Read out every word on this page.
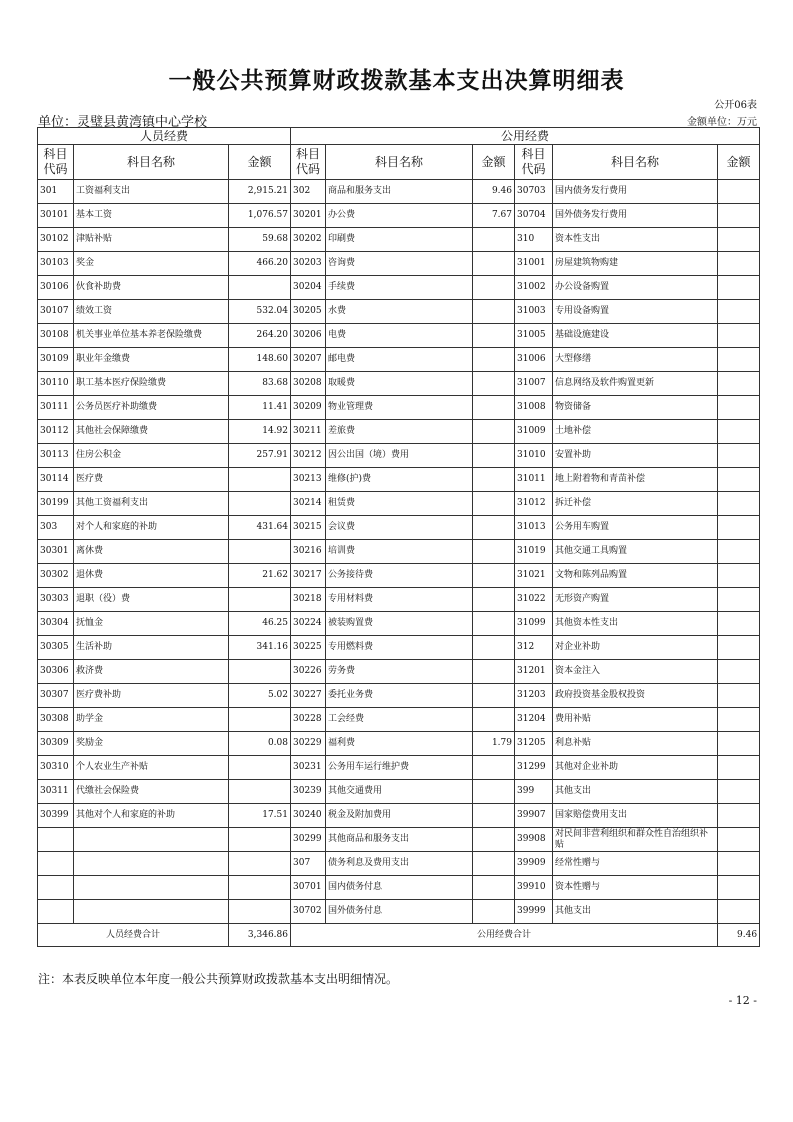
一般公共预算财政拨款基本支出决算明细表
公开06表
单位：灵璧县黄湾镇中心学校	金额单位：万元
人员经费			公用经费					
科目
代码	科目名称	金额	科目
代码	科目名称	金额	科目
代码	科目名称	金额
301	工资福利支出	2,915.21	302	商品和服务支出	9.46	30703	国内债务发行费用	
30101	基本工资	1,076.57	30201	办公费	7.67	30704	国外债务发行费用	
30102	津贴补贴	59.68	30202	印刷费		310	资本性支出	
30103	奖金	466.20	30203	咨询费		31001	房屋建筑物购建	
30106	伙食补助费		30204	手续费		31002	办公设备购置	
30107	绩效工资	532.04	30205	水费		31003	专用设备购置	
30108	机关事业单位基本养老保险缴费	264.20	30206	电费		31005	基础设施建设	
30109	职业年金缴费	148.60	30207	邮电费		31006	大型修缮	
30110	职工基本医疗保险缴费	83.68	30208	取暖费		31007	信息网络及软件购置更新	
30111	公务员医疗补助缴费	11.41	30209	物业管理费		31008	物资储备	
30112	其他社会保障缴费	14.92	30211	差旅费		31009	土地补偿	
30113	住房公积金	257.91	30212	因公出国（境）费用		31010	安置补助	
30114	医疗费		30213	维修(护)费		31011	地上附着物和青苗补偿	
30199	其他工资福利支出		30214	租赁费		31012	拆迁补偿	
303	对个人和家庭的补助	431.64	30215	会议费		31013	公务用车购置	
30301	离休费		30216	培训费		31019	其他交通工具购置	
30302	退休费	21.62	30217	公务接待费		31021	文物和陈列品购置	
30303	退职（役）费		30218	专用材料费		31022	无形资产购置	
30304	抚恤金	46.25	30224	被装购置费		31099	其他资本性支出	
30305	生活补助	341.16	30225	专用燃料费		312	对企业补助	
30306	救济费		30226	劳务费		31201	资本金注入	
30307	医疗费补助	5.02	30227	委托业务费		31203	政府投资基金股权投资	
30308	助学金		30228	工会经费		31204	费用补贴	
30309	奖励金	0.08	30229	福利费	1.79	31205	利息补贴	
30310	个人农业生产补贴		30231	公务用车运行维护费		31299	其他对企业补助	
30311	代缴社会保险费		30239	其他交通费用		399	其他支出	
30399	其他对个人和家庭的补助	17.51	30240	税金及附加费用		39907	国家赔偿费用支出	
			30299	其他商品和服务支出		39908	对民间非营利组织和群众性自治组织补贴	
			307	债务利息及费用支出		39909	经常性赠与	
			30701	国内债务付息		39910	资本性赠与	
			30702	国外债务付息		39999	其他支出	
人员经费合计		3,346.86	公用经费合计					9.46
注：本表反映单位本年度一般公共预算财政拨款基本支出明细情况。
- 12 -
